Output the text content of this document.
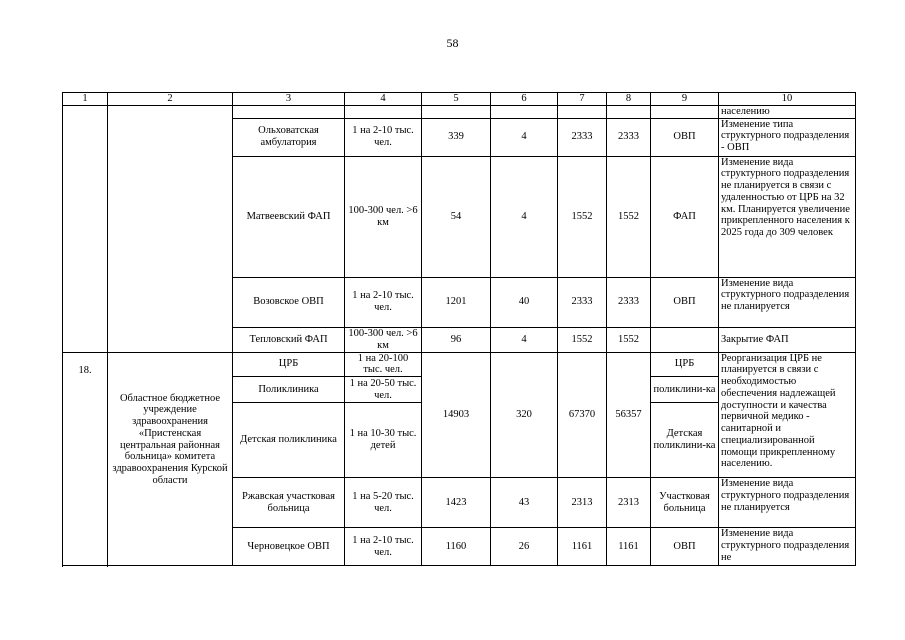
58
1	2	3	4	5	6	7	8	9	10
									населению
		Ольховатская амбулатория	1 на 2-10 тыс. чел.	339	4	2333	2333	ОВП	Изменение типа структурного подразделения - ОВП
		Матвеевский ФАП	100-300 чел. >6 км	54	4	1552	1552	ФАП	Изменение вида структурного подразделения не планируется в связи с удаленностью от ЦРБ на 32 км. Планируется увеличение прикрепленного населения к 2025 года до 309 человек
		Возовское ОВП	1 на 2-10 тыс. чел.	1201	40	2333	2333	ОВП	Изменение вида структурного подразделения не планируется
		Тепловский ФАП	100-300 чел. >6 км	96	4	1552	1552		Закрытие ФАП

18.	Областное бюджетное учреждение здравоохранения «Пристенская центральная районная больница» комитета здравоохранения Курской области	ЦРБ	1 на 20-100 тыс. чел.	14903	320	67370	56357	ЦРБ	Реорганизация ЦРБ не планируется в связи с необходимостью обеспечения надлежащей доступности и качества первичной медико - санитарной и специализированной помощи прикрепленному населению.
		Поликлиника	1 на 20-50 тыс. чел.					поликлини-ка	
		Детская поликлиника	1 на 10-30 тыс. детей					Детская поликлини-ка	
		Ржавская участковая больница	1 на 5-20 тыс. чел.	1423	43	2313	2313	Участковая больница	Изменение вида структурного подразделения не планируется
		Черновецкое ОВП	1 на 2-10 тыс. чел.	1160	26	1161	1161	ОВП	Изменение вида структурного подразделения не
